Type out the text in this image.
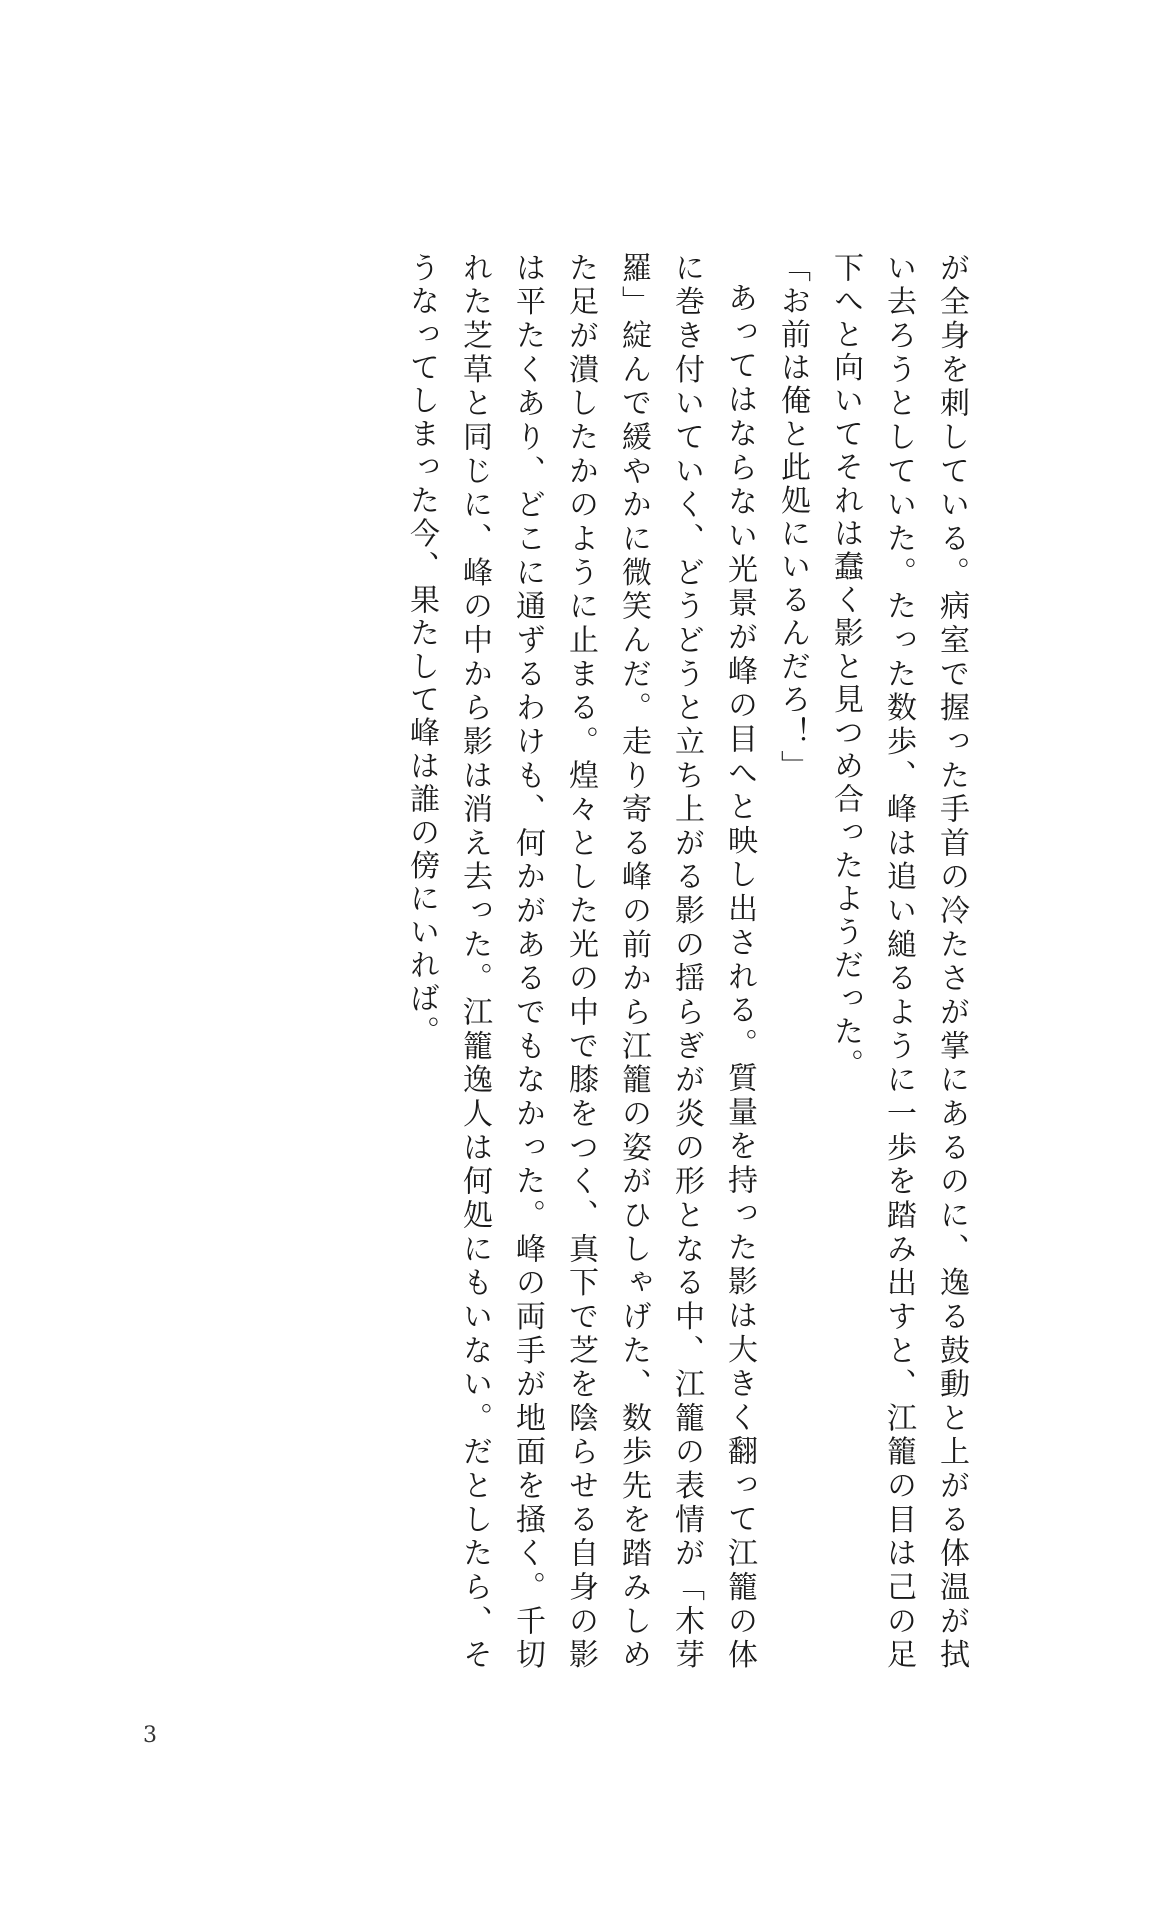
が全身を刺している。病室で握った手首の冷たさが掌にあるのに、逸る鼓動と上がる体温が拭い去ろうとしていた。たった数歩、峰は追い縋るように一歩を踏み出すと、江籠の目は己の足下へと向いてそれは蠢く影と見つめ合ったようだった。

「お前は俺と此処にいるんだろ！」

あってはならない光景が峰の目へと映し出される。質量を持った影は大きく翻って江籠の体に巻き付いていく、どうどうと立ち上がる影の揺らぎが炎の形となる中、江籠の表情が「木芽羅」綻んで緩やかに微笑んだ。走り寄る峰の前から江籠の姿がひしゃげた、数歩先を踏みしめた足が潰したかのように止まる。煌々とした光の中で膝をつく、真下で芝を陰らせる自身の影は平たくあり、どこに通ずるわけも、何かがあるでもなかった。峰の両手が地面を掻く。千切れた芝草と同じに、峰の中から影は消え去った。江籠逸人は何処にもいない。だとしたら、そうなってしまった今、果たして峰は誰の傍にいれば。

3
